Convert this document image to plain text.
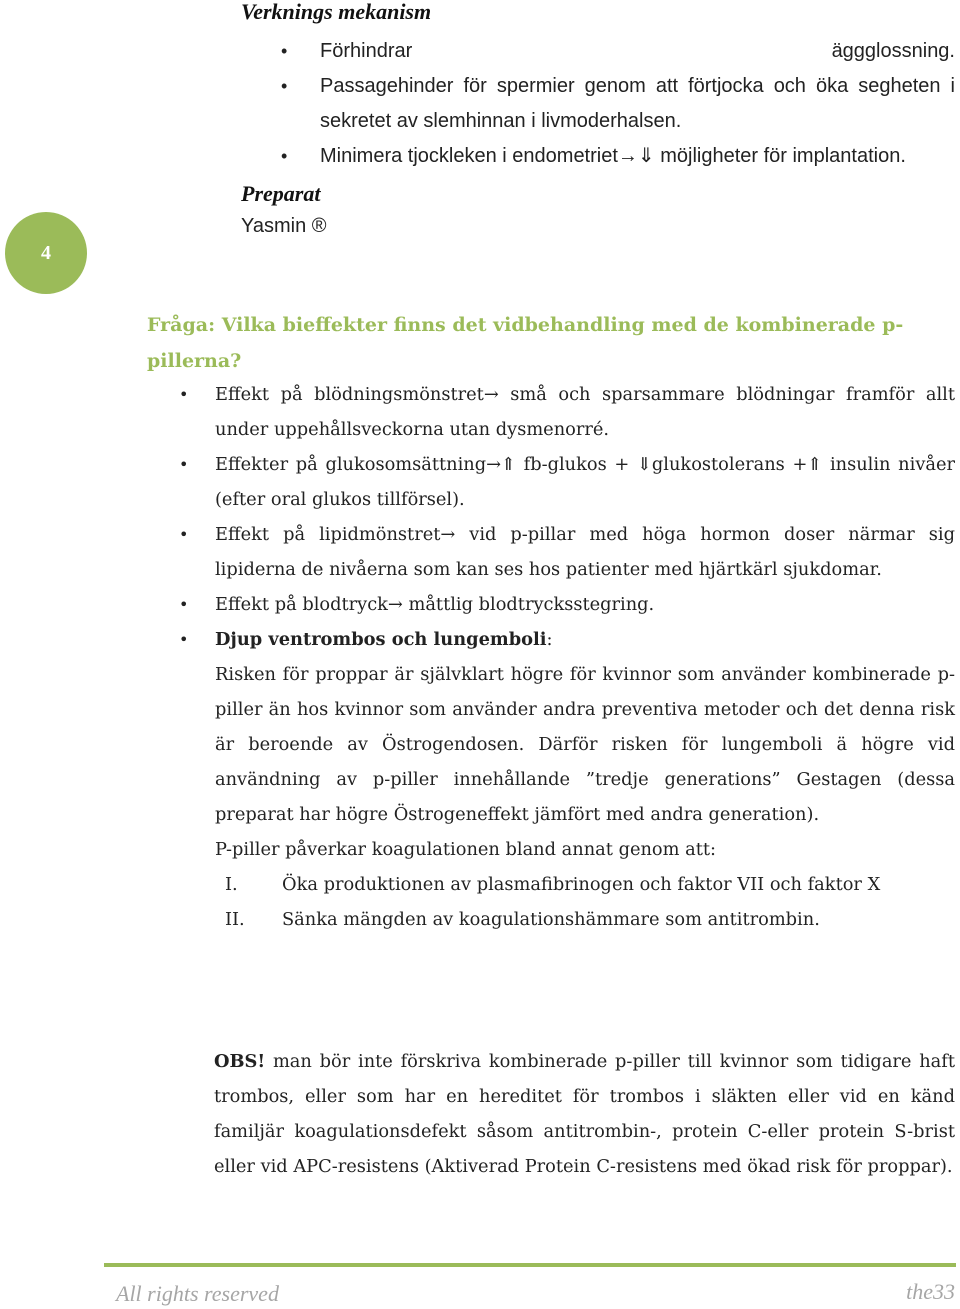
4
Verknings mekanism
• Förhindrar äggglossning.
• Passagehinder för spermier genom att förtjocka och öka segheten i sekretet av slemhinnan i livmoderhalsen.
• Minimera tjockleken i endometriet→⇓ möjligheter för implantation.
Preparat
Yasmin ®
Fråga: Vilka bieffekter finns det vidbehandling med de kombinerade p-pillerna?
• Effekt på blödningsmönstret→ små och sparsammare blödningar framför allt under uppehållsveckorna utan dysmenorré.
• Effekter på glukosomsättning→⇑ fb-glukos + ⇓glukostolerans +⇑ insulin nivåer (efter oral glukos tillförsel).
• Effekt på lipidmönstret→ vid p-pillar med höga hormon doser närmar sig lipiderna de nivåerna som kan ses hos patienter med hjärtkärl sjukdomar.
• Effekt på blodtryck→ måttlig blodtrycksstegring.
• Djup ventrombos och lungemboli:
Risken för proppar är självklart högre för kvinnor som använder kombinerade p-piller än hos kvinnor som använder andra preventiva metoder och det denna risk är beroende av Östrogendosen. Därför risken för lungemboli ä högre vid användning av p-piller innehållande ”tredje generations” Gestagen (dessa preparat har högre Östrogeneffekt jämfört med andra generation).
P-piller påverkar koagulationen bland annat genom att:
I. Öka produktionen av plasmafibrinogen och faktor VII och faktor X
II. Sänka mängden av koagulationshämmare som antitrombin.
OBS! man bör inte förskriva kombinerade p-piller till kvinnor som tidigare haft trombos, eller som har en hereditet för trombos i släkten eller vid en känd familjär koagulationsdefekt såsom antitrombin-, protein C-eller protein S-brist eller vid APC-resistens (Aktiverad Protein C-resistens med ökad risk för proppar).
All rights reserved	the33
